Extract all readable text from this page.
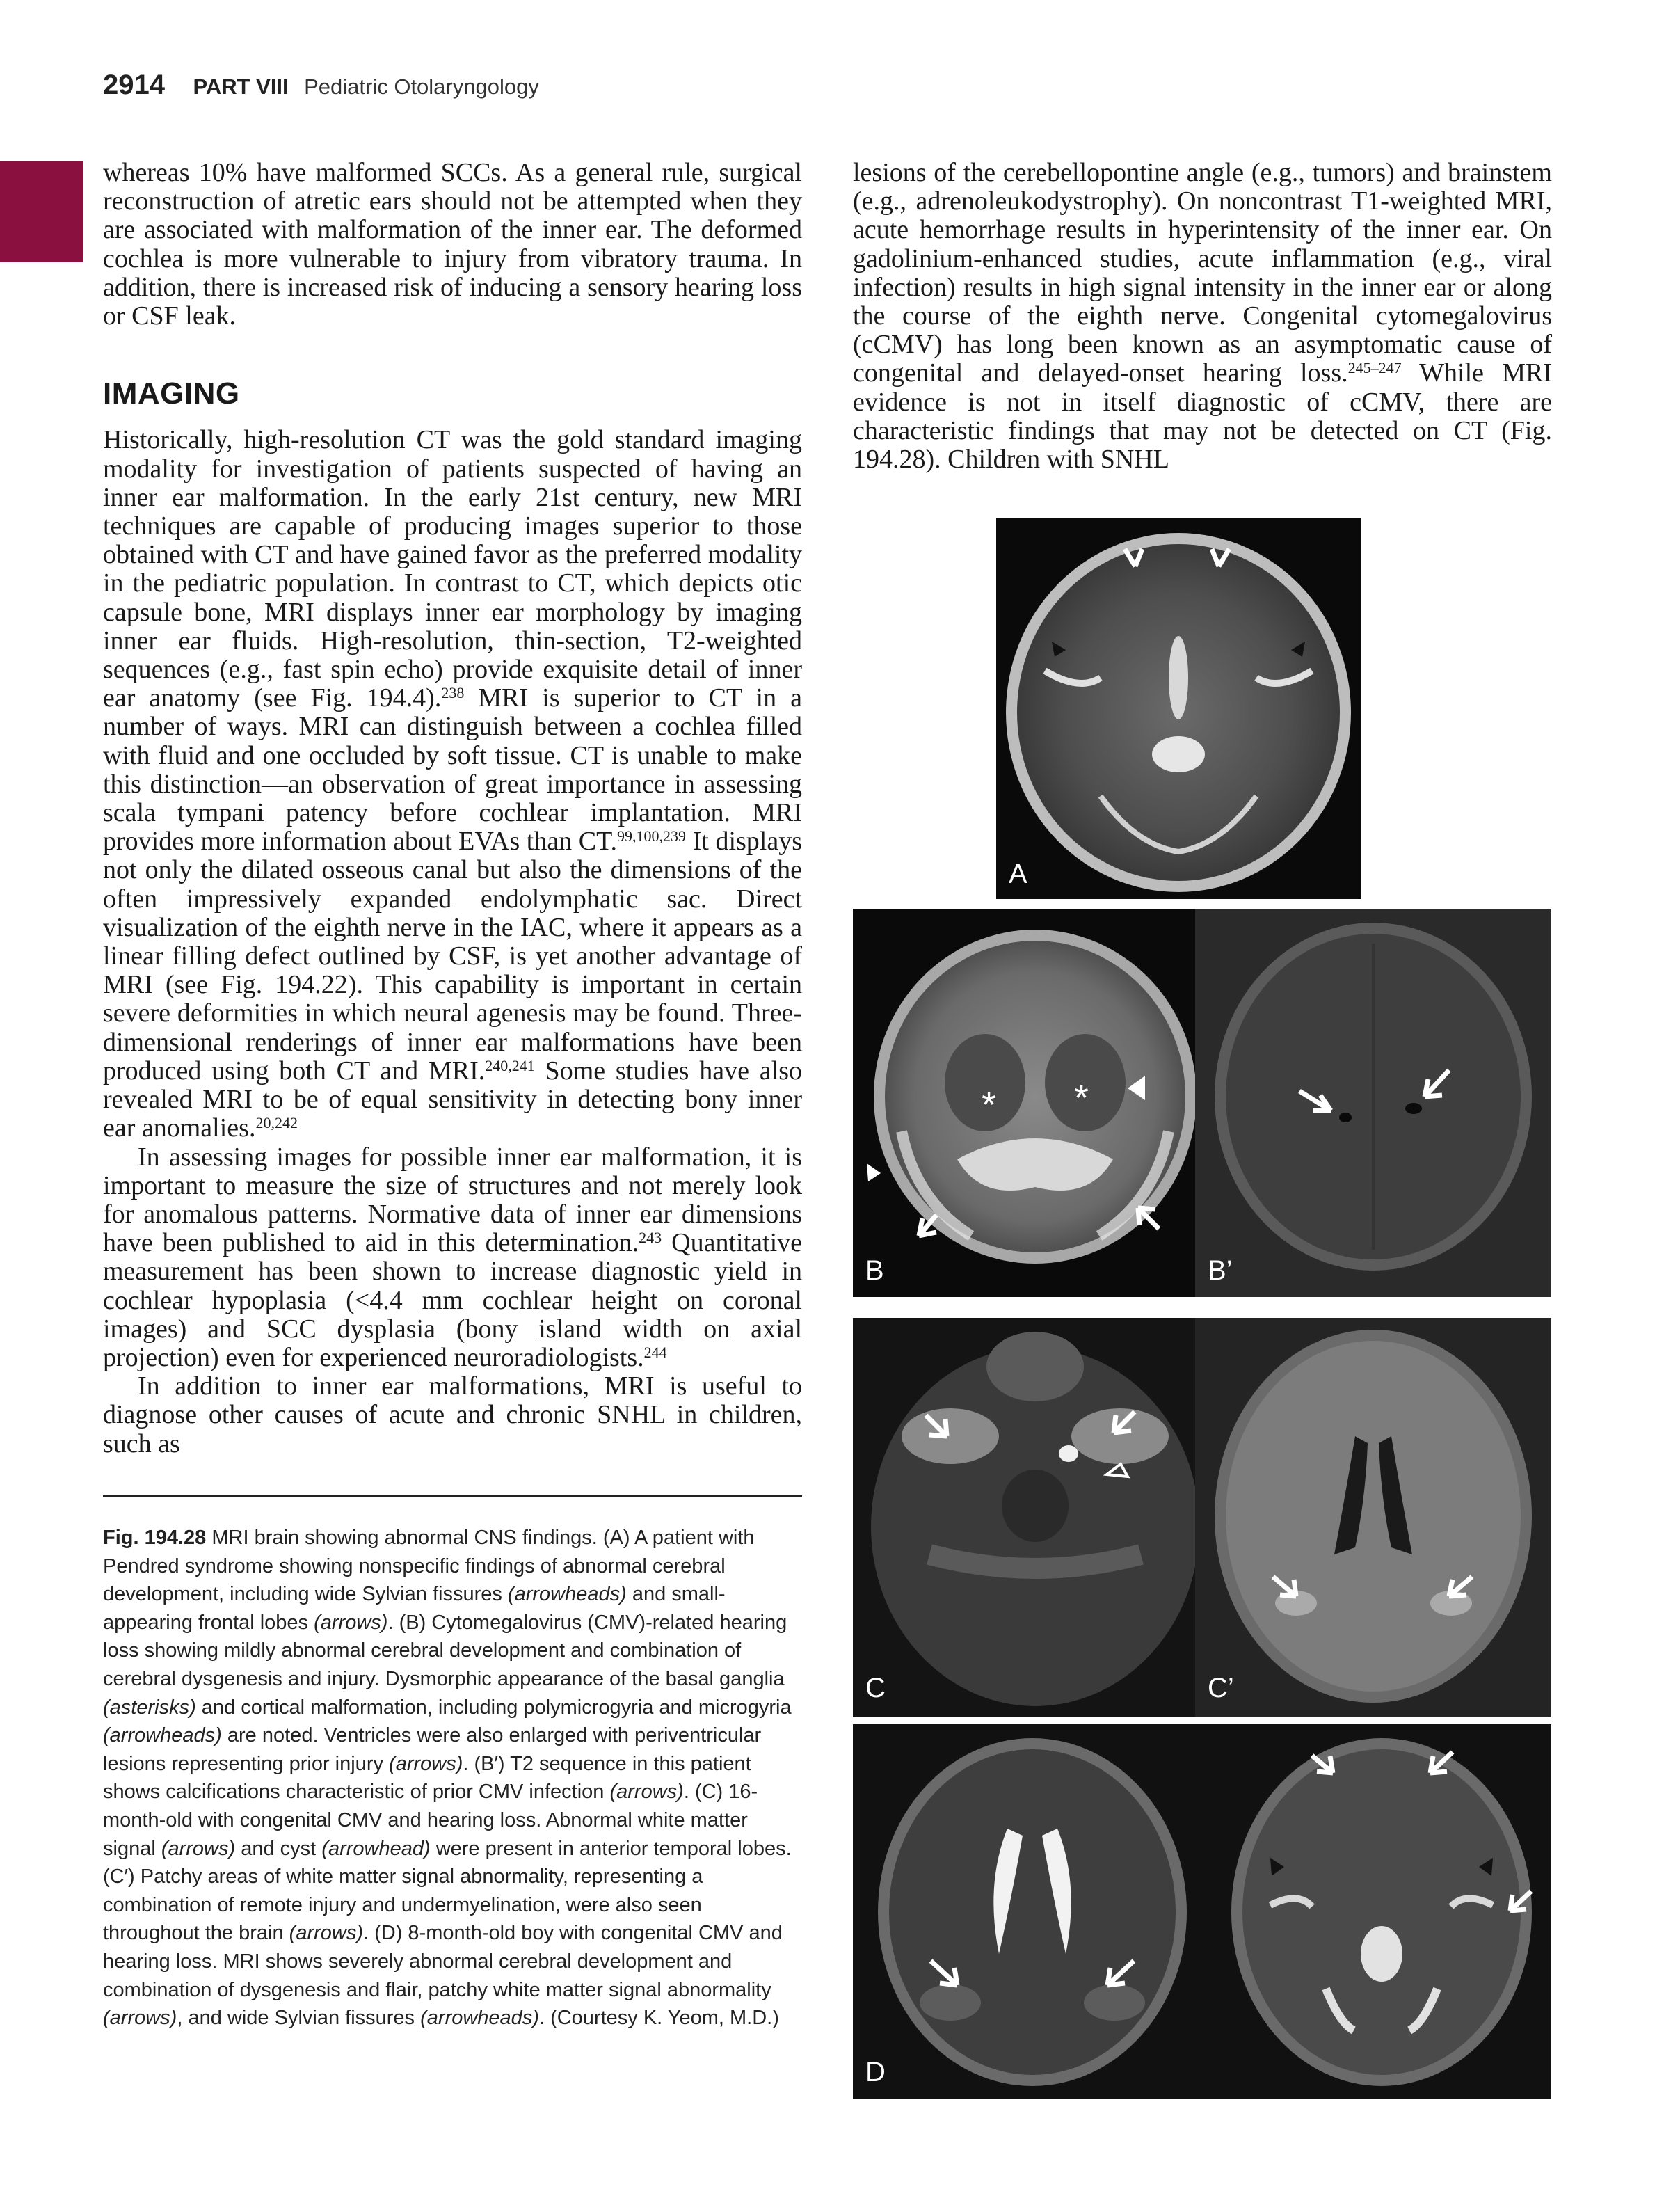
2914 PART VIII Pediatric Otolaryngology

whereas 10% have malformed SCCs. As a general rule, surgical reconstruction of atretic ears should not be attempted when they are associated with malformation of the inner ear. The deformed cochlea is more vulnerable to injury from vibratory trauma. In addition, there is increased risk of inducing a sensory hearing loss or CSF leak.

IMAGING

Historically, high-resolution CT was the gold standard imaging modality for investigation of patients suspected of having an inner ear malformation. In the early 21st century, new MRI techniques are capable of producing images superior to those obtained with CT and have gained favor as the preferred modality in the pediatric population. In contrast to CT, which depicts otic capsule bone, MRI displays inner ear morphology by imaging inner ear fluids. High-resolution, thin-section, T2-weighted sequences (e.g., fast spin echo) provide exquisite detail of inner ear anatomy (see Fig. 194.4).$^{238}$ MRI is superior to CT in a number of ways. MRI can distinguish between a cochlea filled with fluid and one occluded by soft tissue. CT is unable to make this distinction—an observation of great importance in assessing scala tympani patency before cochlear implantation. MRI provides more information about EVAs than CT.$^{99,100,239}$ It displays not only the dilated osseous canal but also the dimensions of the often impressively expanded endolymphatic sac. Direct visualization of the eighth nerve in the IAC, where it appears as a linear filling defect outlined by CSF, is yet another advantage of MRI (see Fig. 194.22). This capability is important in certain severe deformities in which neural agenesis may be found. Three-dimensional renderings of inner ear malformations have been produced using both CT and MRI.$^{240,241}$ Some studies have also revealed MRI to be of equal sensitivity in detecting bony inner ear anomalies.$^{20,242}$

In assessing images for possible inner ear malformation, it is important to measure the size of structures and not merely look for anomalous patterns. Normative data of inner ear dimensions have been published to aid in this determination.$^{243}$ Quantitative measurement has been shown to increase diagnostic yield in cochlear hypoplasia (<4.4 mm cochlear height on coronal images) and SCC dysplasia (bony island width on axial projection) even for experienced neuroradiologists.$^{244}$

In addition to inner ear malformations, MRI is useful to diagnose other causes of acute and chronic SNHL in children, such as

lesions of the cerebellopontine angle (e.g., tumors) and brainstem (e.g., adrenoleukodystrophy). On noncontrast T1-weighted MRI, acute hemorrhage results in hyperintensity of the inner ear. On gadolinium-enhanced studies, acute inflammation (e.g., viral infection) results in high signal intensity in the inner ear or along the course of the eighth nerve. Congenital cytomegalovirus (cCMV) has long been known as an asymptomatic cause of congenital and delayed-onset hearing loss.$^{245-247}$ While MRI evidence is not in itself diagnostic of cCMV, there are characteristic findings that may not be detected on CT (Fig. 194.28). Children with SNHL

Fig. 194.28 MRI brain showing abnormal CNS findings. (A) A patient with Pendred syndrome showing nonspecific findings of abnormal cerebral development, including wide Sylvian fissures (arrowheads) and small-appearing frontal lobes (arrows). (B) Cytomegalovirus (CMV)-related hearing loss showing mildly abnormal cerebral development and combination of cerebral dysgenesis and injury. Dysmorphic appearance of the basal ganglia (asterisks) and cortical malformation, including polymicrogyria and microgyria (arrowheads) are noted. Ventricles were also enlarged with periventricular lesions representing prior injury (arrows). (B′) T2 sequence in this patient shows calcifications characteristic of prior CMV infection (arrows). (C) 16-month-old with congenital CMV and hearing loss. Abnormal white matter signal (arrows) and cyst (arrowhead) were present in anterior temporal lobes. (C′) Patchy areas of white matter signal abnormality, representing a combination of remote injury and undermyelination, were also seen throughout the brain (arrows). (D) 8-month-old boy with congenital CMV and hearing loss. MRI shows severely abnormal cerebral development and combination of dysgenesis and flair, patchy white matter signal abnormality (arrows), and wide Sylvian fissures (arrowheads). (Courtesy K. Yeom, M.D.)
A
* *
B	B’
C	C’
D
